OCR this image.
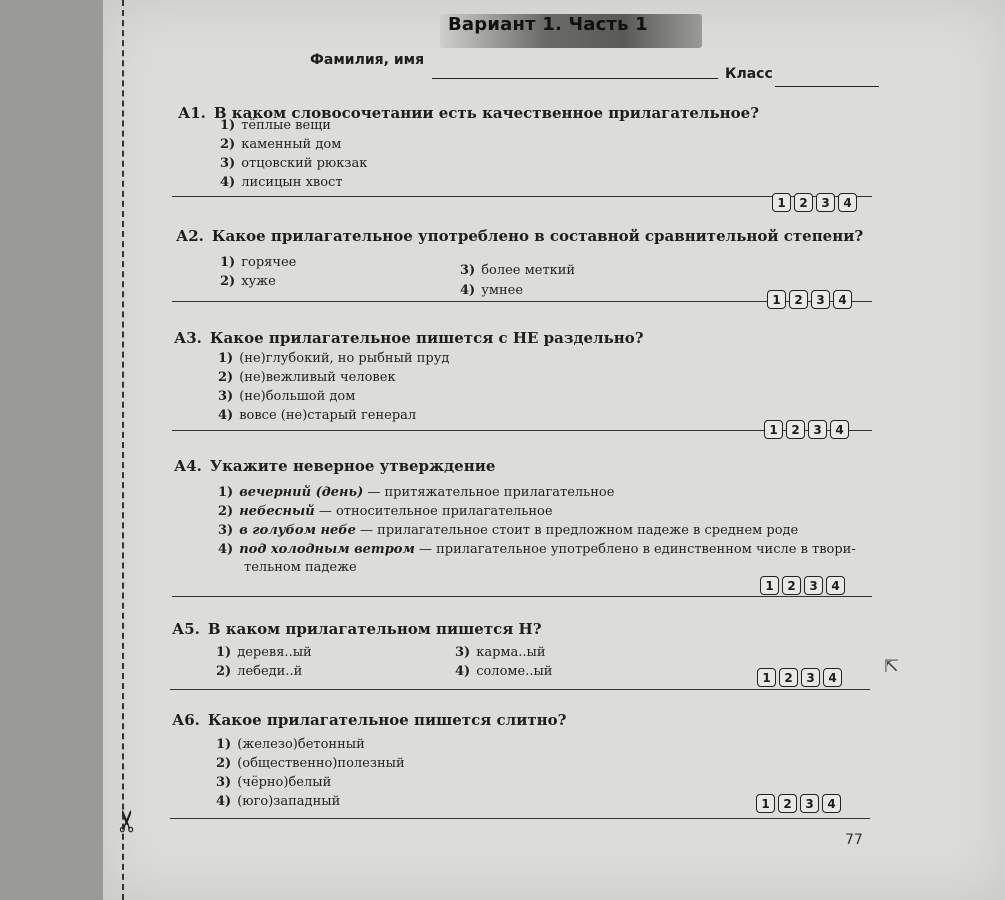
✂
Вариант 1. Часть 1
Фамилия, имя
Класс
А1. В каком словосочетании есть качественное прилагательное?
1) тёплые вещи
2) каменный дом
3) отцовский рюкзак
4) лисицын хвост
1	2	3	4
А2. Какое прилагательное употреблено в составной сравнительной степени?
1) горячее
2) хуже
3) более меткий
4) умнее
1	2	3	4
А3. Какое прилагательное пишется с НЕ раздельно?
1) (не)глубокий, но рыбный пруд
2) (не)вежливый человек
3) (не)большой дом
4) вовсе (не)старый генерал
1	2	3	4
А4. Укажите неверное утверждение
1) вечерний (день) — притяжательное прилагательное
2) небесный — относительное прилагательное
3) в голубом небе — прилагательное стоит в предложном падеже в среднем роде
4) под холодным ветром — прилагательное употреблено в единственном числе в твори-
тельном падеже
1	2	3	4
А5. В каком прилагательном пишется Н?
1) деревя..ый
2) лебеди..й
3) карма..ый
4) соломе..ый	1	2	3	4
⇱
А6. Какое прилагательное пишется слитно?
1) (железо)бетонный
2) (общественно)полезный
3) (чёрно)белый
4) (юго)западный	1	2	3	4
77
